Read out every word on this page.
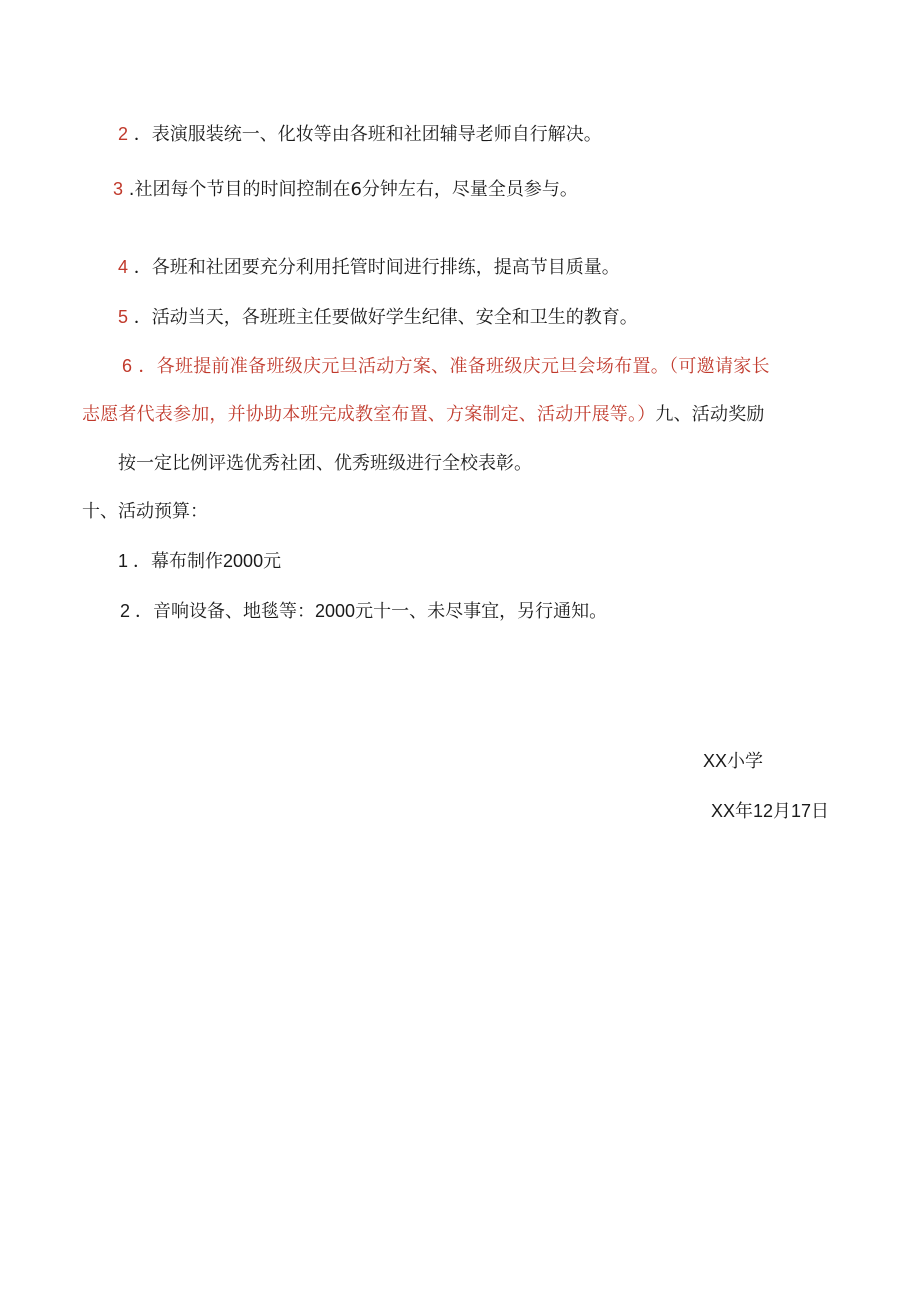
2 ．表演服装统一、化妆等由各班和社团辅导老师自行解决。
3 .社团每个节目的时间控制在6分钟左右，尽量全员参与。
4 ．各班和社团要充分利用托管时间进行排练，提高节目质量。
5 ．活动当天，各班班主任要做好学生纪律、安全和卫生的教育。
6 ．各班提前准备班级庆元旦活动方案、准备班级庆元旦会场布置。（可邀请家长
志愿者代表参加，并协助本班完成教室布置、方案制定、活动开展等。）九、活动奖励
按一定比例评选优秀社团、优秀班级进行全校表彰。
十、活动预算：
1 ．幕布制作2000元
2 ．音响设备、地毯等：2000元十一、未尽事宜，另行通知。
XX小学
XX年12月17日
